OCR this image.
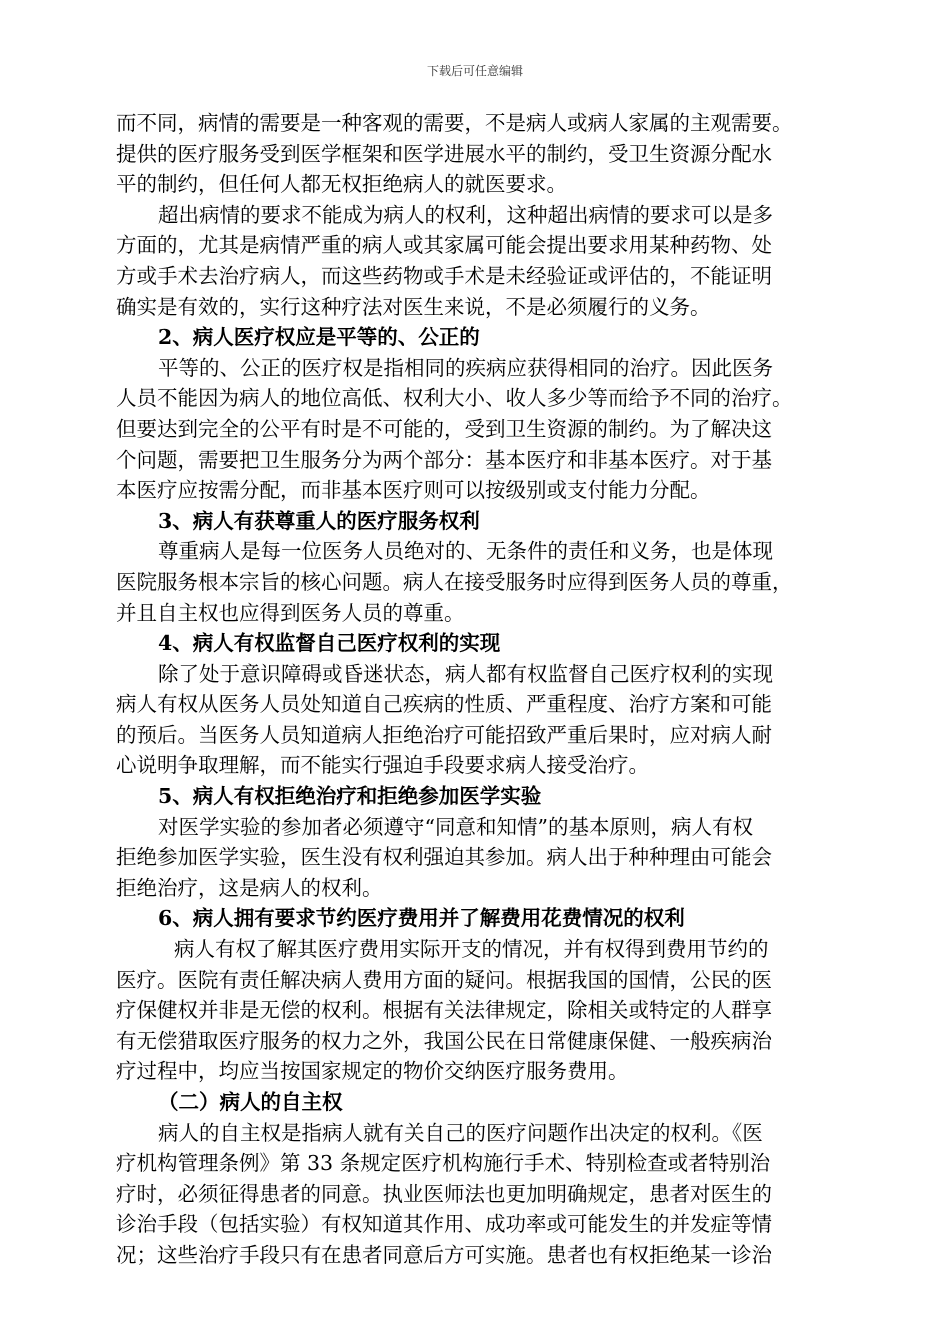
下载后可任意编辑
而不同，病情的需要是一种客观的需要，不是病人或病人家属的主观需要。
提供的医疗服务受到医学框架和医学进展水平的制约，受卫生资源分配水
平的制约，但任何人都无权拒绝病人的就医要求。
超出病情的要求不能成为病人的权利，这种超出病情的要求可以是多
方面的，尤其是病情严重的病人或其家属可能会提出要求用某种药物、处
方或手术去治疗病人，而这些药物或手术是未经验证或评估的，不能证明
确实是有效的，实行这种疗法对医生来说，不是必须履行的义务。
2、病人医疗权应是平等的、公正的
平等的、公正的医疗权是指相同的疾病应获得相同的治疗。因此医务
人员不能因为病人的地位高低、权利大小、收人多少等而给予不同的治疗。
但要达到完全的公平有时是不可能的，受到卫生资源的制约。为了解决这
个问题，需要把卫生服务分为两个部分：基本医疗和非基本医疗。对于基
本医疗应按需分配，而非基本医疗则可以按级别或支付能力分配。
3、病人有获尊重人的医疗服务权利
尊重病人是每一位医务人员绝对的、无条件的责任和义务，也是体现
医院服务根本宗旨的核心问题。病人在接受服务时应得到医务人员的尊重，
并且自主权也应得到医务人员的尊重。
4、病人有权监督自己医疗权利的实现
除了处于意识障碍或昏迷状态，病人都有权监督自己医疗权利的实现
病人有权从医务人员处知道自己疾病的性质、严重程度、治疗方案和可能
的预后。当医务人员知道病人拒绝治疗可能招致严重后果时，应对病人耐
心说明争取理解，而不能实行强迫手段要求病人接受治疗。
5、病人有权拒绝治疗和拒绝参加医学实验
对医学实验的参加者必须遵守“同意和知情”的基本原则，病人有权
拒绝参加医学实验，医生没有权利强迫其参加。病人出于种种理由可能会
拒绝治疗，这是病人的权利。
6、病人拥有要求节约医疗费用并了解费用花费情况的权利
病人有权了解其医疗费用实际开支的情况，并有权得到费用节约的
医疗。医院有责任解决病人费用方面的疑问。根据我国的国情，公民的医
疗保健权并非是无偿的权利。根据有关法律规定，除相关或特定的人群享
有无偿猎取医疗服务的权力之外，我国公民在日常健康保健、一般疾病治
疗过程中，均应当按国家规定的物价交纳医疗服务费用。
（二）病人的自主权
病人的自主权是指病人就有关自己的医疗问题作出决定的权利。《医
疗机构管理条例》第 33 条规定医疗机构施行手术、特别检查或者特别治
疗时，必须征得患者的同意。执业医师法也更加明确规定，患者对医生的
诊治手段（包括实验）有权知道其作用、成功率或可能发生的并发症等情
况；这些治疗手段只有在患者同意后方可实施。患者也有权拒绝某一诊治
